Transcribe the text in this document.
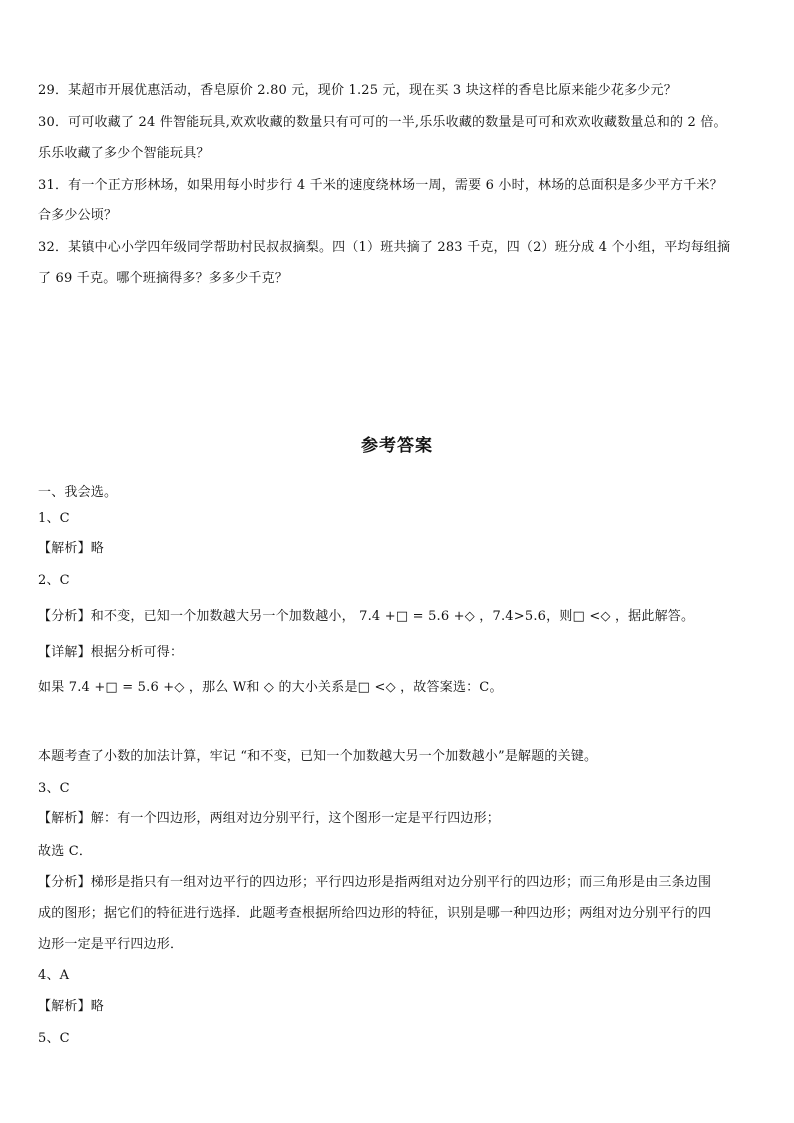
29．某超市开展优惠活动，香皂原价 2.80 元，现价 1.25 元，现在买 3 块这样的香皂比原来能少花多少元？
30．可可收藏了 24 件智能玩具,欢欢收藏的数量只有可可的一半,乐乐收藏的数量是可可和欢欢收藏数量总和的 2 倍。
乐乐收藏了多少个智能玩具？
31．有一个正方形林场，如果用每小时步行 4 千米的速度绕林场一周，需要 6 小时，林场的总面积是多少平方千米？
合多少公顷？
32．某镇中心小学四年级同学帮助村民叔叔摘梨。四（1）班共摘了 283 千克，四（2）班分成 4 个小组，平均每组摘
了 69 千克。哪个班摘得多？多多少千克？
参考答案
一、我会选。
1、C
【解析】略
2、C
【分析】和不变，已知一个加数越大另一个加数越小， 7.4 +□ = 5.6 +◇ ，7.4>5.6，则□ <◇ ，据此解答。
【详解】根据分析可得：
如果 7.4 +□ = 5.6 +◇ ，那么 W和 ◇ 的大小关系是□ <◇ ，故答案选：C。
本题考查了小数的加法计算，牢记 “和不变，已知一个加数越大另一个加数越小”是解题的关键。
3、C
【解析】解：有一个四边形，两组对边分别平行，这个图形一定是平行四边形；
故选 C．
【分析】梯形是指只有一组对边平行的四边形；平行四边形是指两组对边分别平行的四边形；而三角形是由三条边围
成的图形；据它们的特征进行选择．此题考查根据所给四边形的特征，识别是哪一种四边形；两组对边分别平行的四
边形一定是平行四边形．
4、A
【解析】略
5、C
